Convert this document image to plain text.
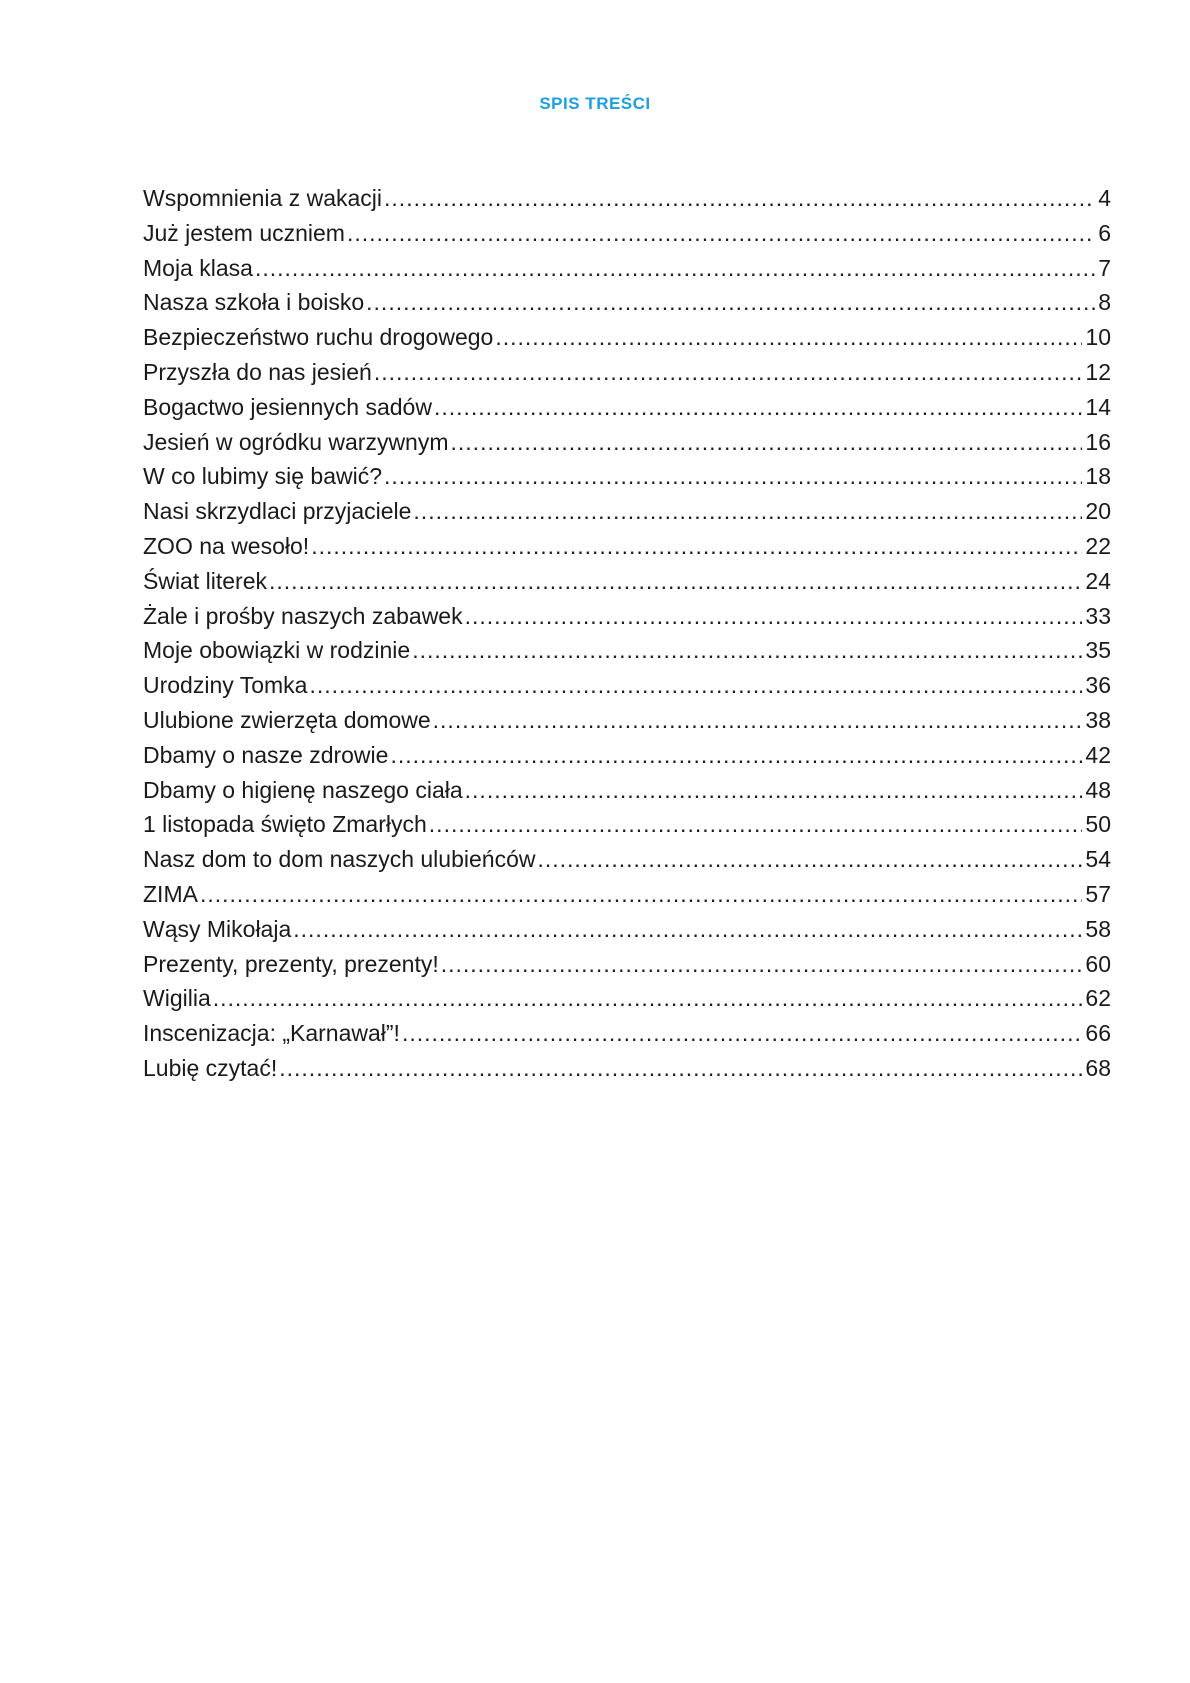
SPIS TREŚCI
Wspomnienia z wakacji .....	4
Już jestem uczniem .....	6
Moja klasa .....	7
Nasza szkoła i boisko .....	8
Bezpieczeństwo ruchu drogowego .....	10
Przyszła do nas jesień .....	12
Bogactwo jesiennych sadów .....	14
Jesień w ogródku warzywnym .....	16
W co lubimy się bawić? .....	18
Nasi skrzydlaci przyjaciele .....	20
ZOO na wesoło! .....	22
Świat literek .....	24
Żale i prośby naszych zabawek .....	33
Moje obowiązki w rodzinie .....	35
Urodziny Tomka .....	36
Ulubione zwierzęta domowe .....	38
Dbamy o nasze zdrowie .....	42
Dbamy o higienę naszego ciała .....	48
1 listopada święto Zmarłych .....	50
Nasz dom to dom naszych ulubieńców .....	54
ZIMA .....	57
Wąsy Mikołaja .....	58
Prezenty, prezenty, prezenty! .....	60
Wigilia .....	62
Inscenizacja: „Karnawał”! .....	66
Lubię czytać! .....	68
